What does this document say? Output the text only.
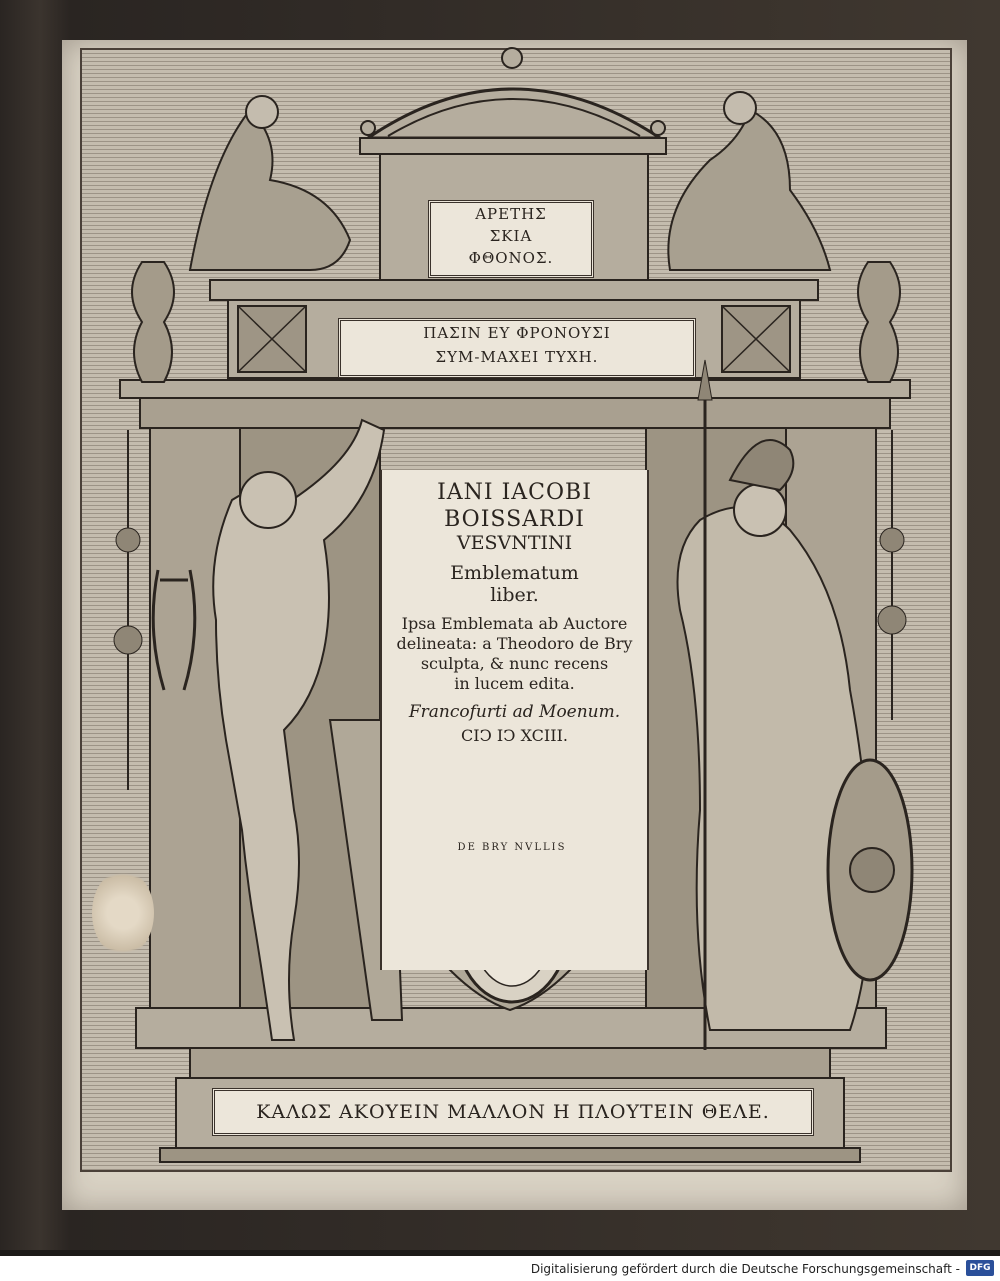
ΑΡΕΤΗΣ
ΣΚΙΑ
ΦΘΟΝΟΣ.
ΠΑΣΙΝ ΕΥ ΦΡΟΝΟΥΣΙ
ΣΥΜ-ΜΑΧΕΙ ΤΥΧΗ.
IANI IACOBI
BOISSARDI
VESVNTINI
Emblematum
liber.
Ipsa Emblemata ab Auctore
delineata: a Theodoro de Bry
sculpta, & nunc recens
in lucem edita.
Francofurti ad Moenum.
CIↃ IↃ XCIII.
DE BRY NVLLIS
ΚΑΛΩΣ ΑΚΟΥΕΙΝ ΜΑΛΛΟΝ Η ΠΛΟΥΤΕΙΝ ΘΕΛΕ.
Digitalisierung gefördert durch die Deutsche Forschungsgemeinschaft -	DFG
